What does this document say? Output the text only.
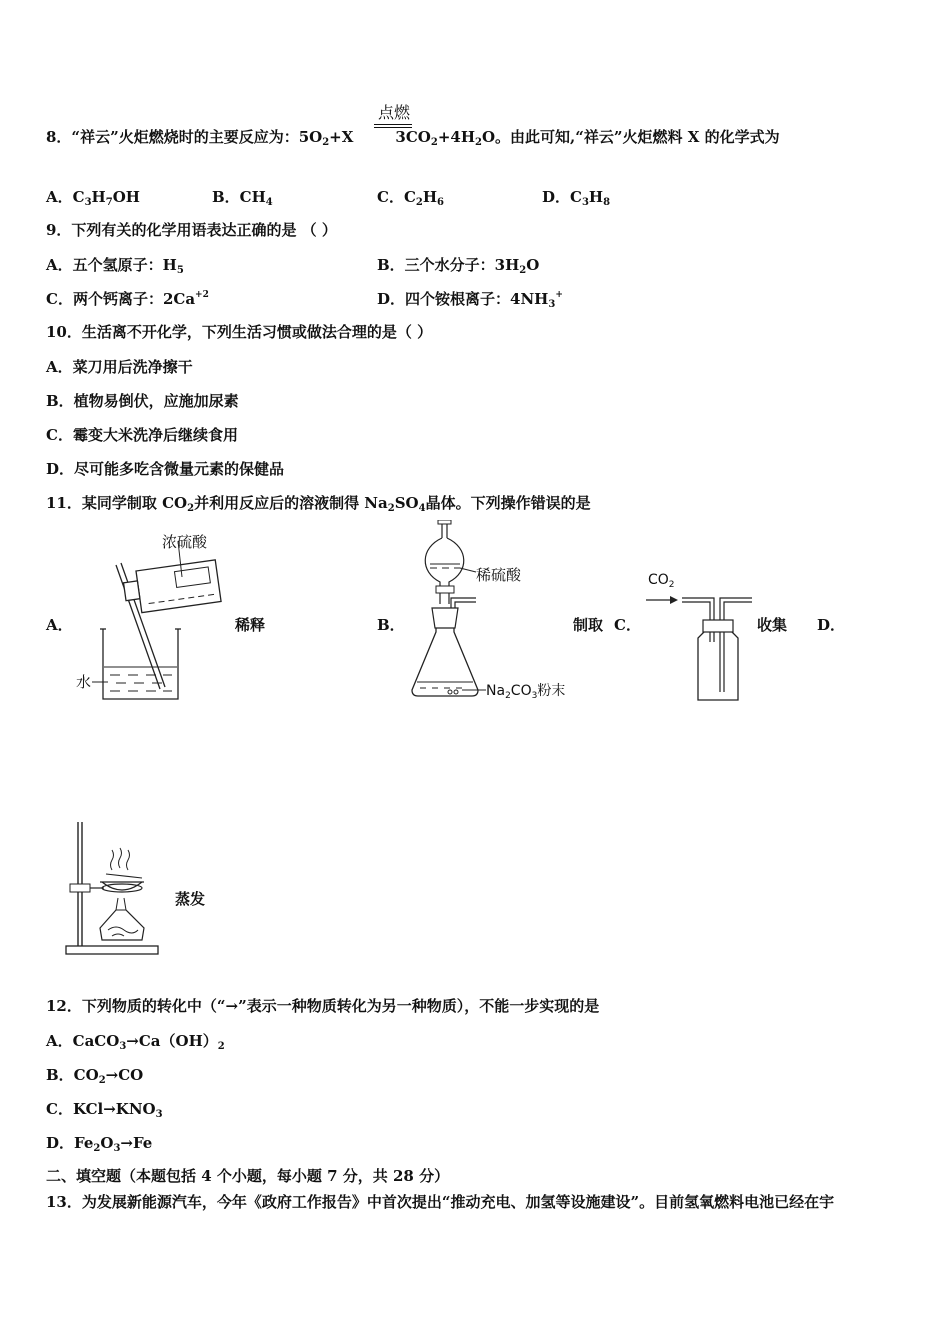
点燃
8．“祥云”火炬燃烧时的主要反应为：$5O_2+X$	$3CO_2+4H_2O$。由此可知,“祥云”火炬燃料 X 的化学式为
A．$C_3H_7OH$	B．$CH_4$	C．$C_2H_6$	D．$C_3H_8$
9．下列有关的化学用语表达正确的是 （ ）
A．五个氢原子：$H_5$	B．三个水分子：$3H_2O$
C．两个钙离子：$2Ca^{+2}$	D．四个铵根离子：$4NH_3^+$
10．生活离不开化学，下列生活习惯或做法合理的是（ ）
A．菜刀用后洗净擦干
B．植物易倒伏，应施加尿素
C．霉变大米洗净后继续食用
D．尽可能多吃含微量元素的保健品
11．某同学制取 $CO_2$并利用反应后的溶液制得 $Na_2SO_4$晶体。下列操作错误的是
A．	稀释	B．	制取 C．	收集 D．
蒸发
浓硫酸
水
稀硫酸
$Na_2CO_3$粉末
$CO_2$
12．下列物质的转化中（“→”表示一种物质转化为另一种物质），不能一步实现的是
A．$CaCO_3\to Ca(OH)_2$
B．$CO_2\to CO$
C．$KCl\to KNO_3$
D．$Fe_2O_3\to Fe$
二、填空题（本题包括 4 个小题，每小题 7 分，共 28 分）
13．为发展新能源汽车，今年《政府工作报告》中首次提出“推动充电、加氢等设施建设”。目前氢氧燃料电池已经在宇
